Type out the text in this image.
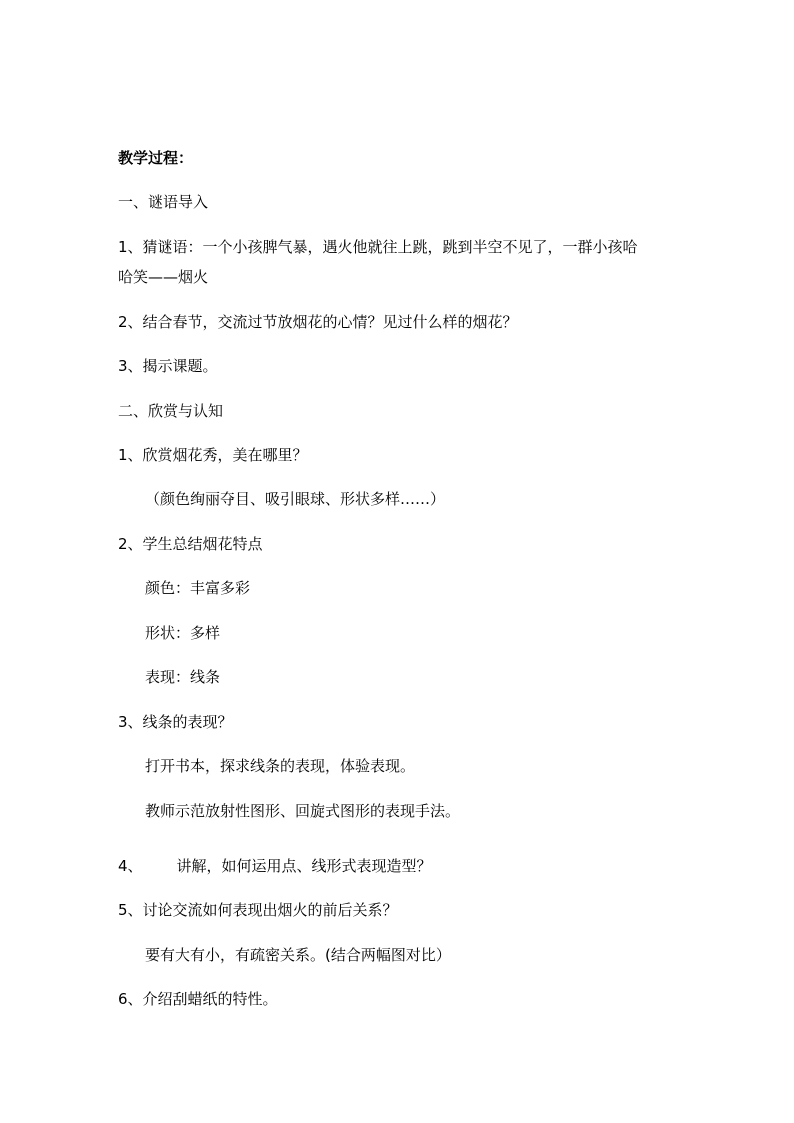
教学过程：
一、谜语导入
1、猜谜语：一个小孩脾气暴，遇火他就往上跳，跳到半空不见了，一群小孩哈
哈笑——烟火
2、结合春节，交流过节放烟花的心情？见过什么样的烟花？
3、揭示课题。
二、欣赏与认知
1、欣赏烟花秀，美在哪里？
（颜色绚丽夺目、吸引眼球、形状多样……）
2、学生总结烟花特点
颜色：丰富多彩
形状：多样
表现：线条
3、线条的表现？
打开书本，探求线条的表现，体验表现。
教师示范放射性图形、回旋式图形的表现手法。
4、 讲解，如何运用点、线形式表现造型？
5、讨论交流如何表现出烟火的前后关系？
要有大有小，有疏密关系。(结合两幅图对比）
6、介绍刮蜡纸的特性。
